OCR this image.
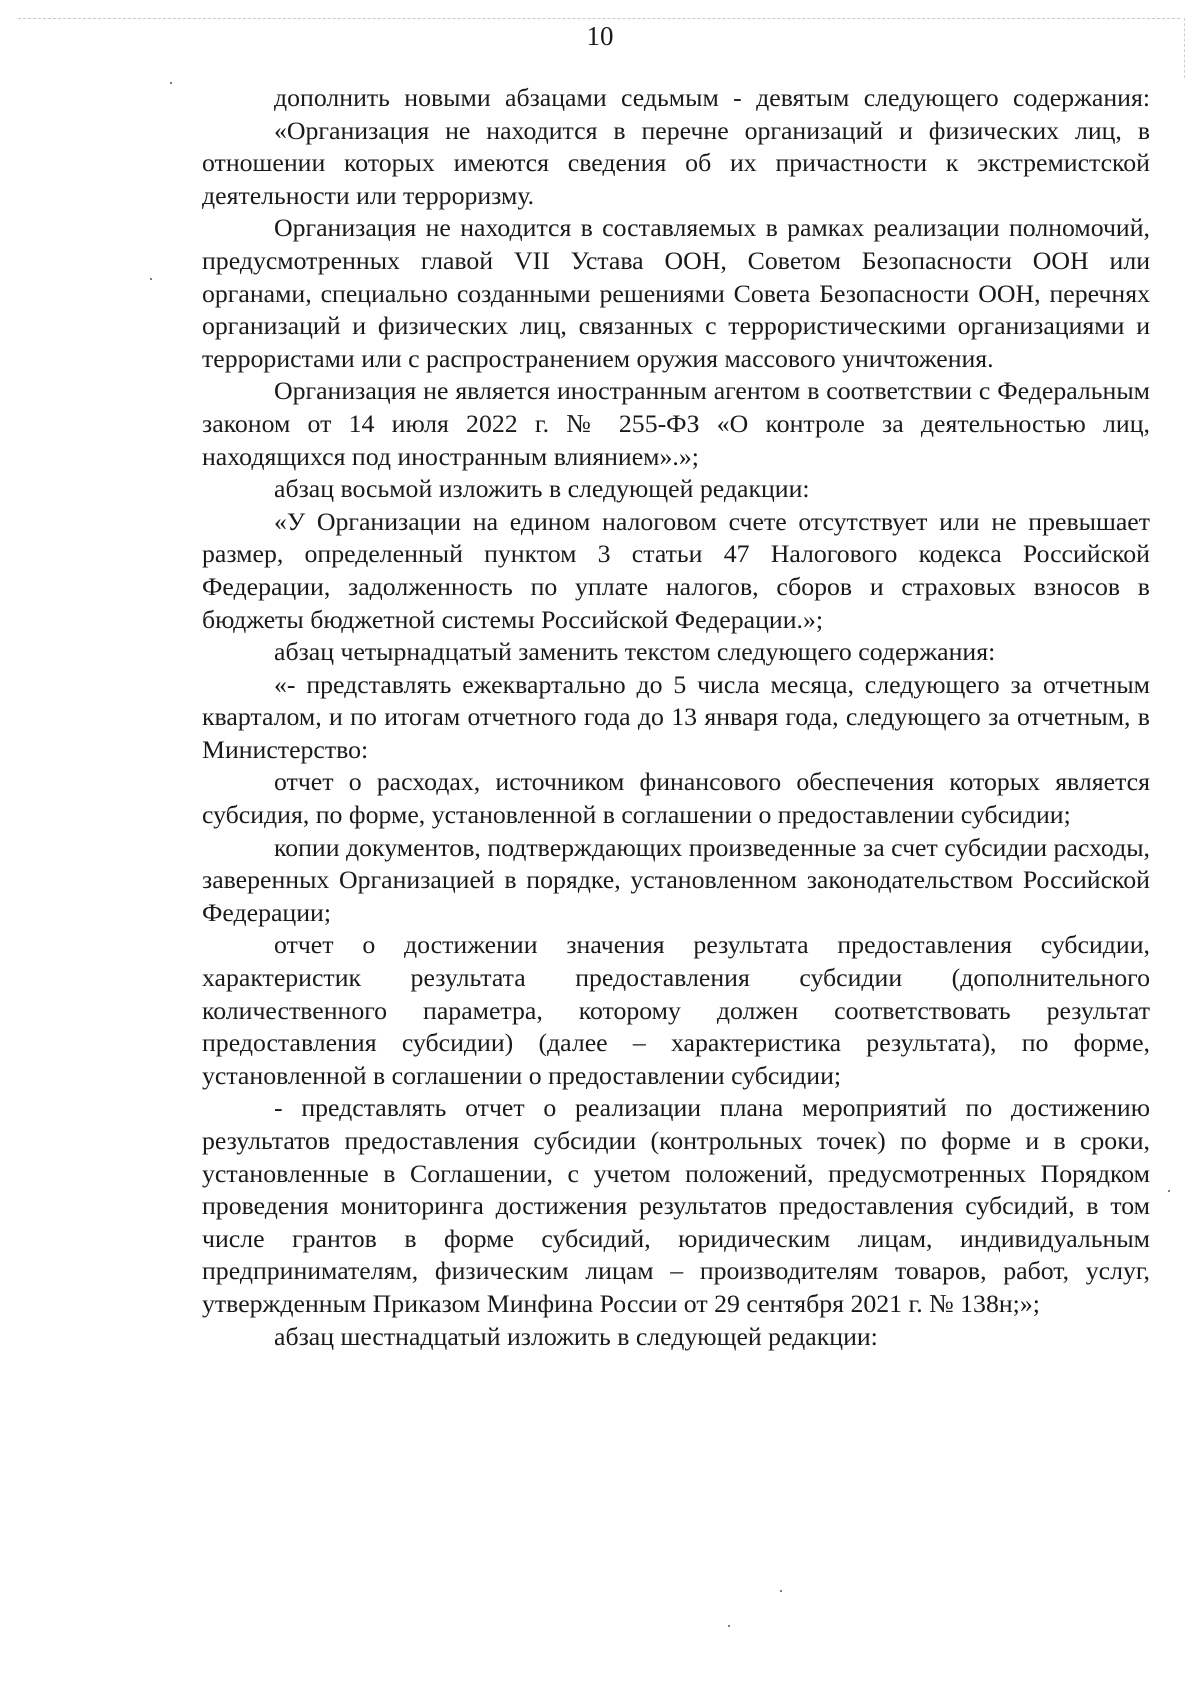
10

дополнить новыми абзацами седьмым - девятым следующего содержания:

«Организация не находится в перечне организаций и физических лиц, в отношении которых имеются сведения об их причастности к экстремистской деятельности или терроризму.

Организация не находится в составляемых в рамках реализации полномочий, предусмотренных главой VII Устава ООН, Советом Безопасности ООН или органами, специально созданными решениями Совета Безопасности ООН, перечнях организаций и физических лиц, связанных с террористическими организациями и террористами или с распространением оружия массового уничтожения.

Организация не является иностранным агентом в соответствии с Федеральным законом от 14 июля 2022 г. № 255-ФЗ «О контроле за деятельностью лиц, находящихся под иностранным влиянием».»;

абзац восьмой изложить в следующей редакции:

«У Организации на едином налоговом счете отсутствует или не превышает размер, определенный пунктом 3 статьи 47 Налогового кодекса Российской Федерации, задолженность по уплате налогов, сборов и страховых взносов в бюджеты бюджетной системы Российской Федерации.»;

абзац четырнадцатый заменить текстом следующего содержания:

«- представлять ежеквартально до 5 числа месяца, следующего за отчетным кварталом, и по итогам отчетного года до 13 января года, следующего за отчетным, в Министерство:

отчет о расходах, источником финансового обеспечения которых является субсидия, по форме, установленной в соглашении о предоставлении субсидии;

копии документов, подтверждающих произведенные за счет субсидии расходы, заверенных Организацией в порядке, установленном законодательством Российской Федерации;

отчет о достижении значения результата предоставления субсидии, характеристик результата предоставления субсидии (дополнительного количественного параметра, которому должен соответствовать результат предоставления субсидии) (далее – характеристика результата), по форме, установленной в соглашении о предоставлении субсидии;

- представлять отчет о реализации плана мероприятий по достижению результатов предоставления субсидии (контрольных точек) по форме и в сроки, установленные в Соглашении, с учетом положений, предусмотренных Порядком проведения мониторинга достижения результатов предоставления субсидий, в том числе грантов в форме субсидий, юридическим лицам, индивидуальным предпринимателям, физическим лицам – производителям товаров, работ, услуг, утвержденным Приказом Минфина России от 29 сентября 2021 г. № 138н;»;

абзац шестнадцатый изложить в следующей редакции:
